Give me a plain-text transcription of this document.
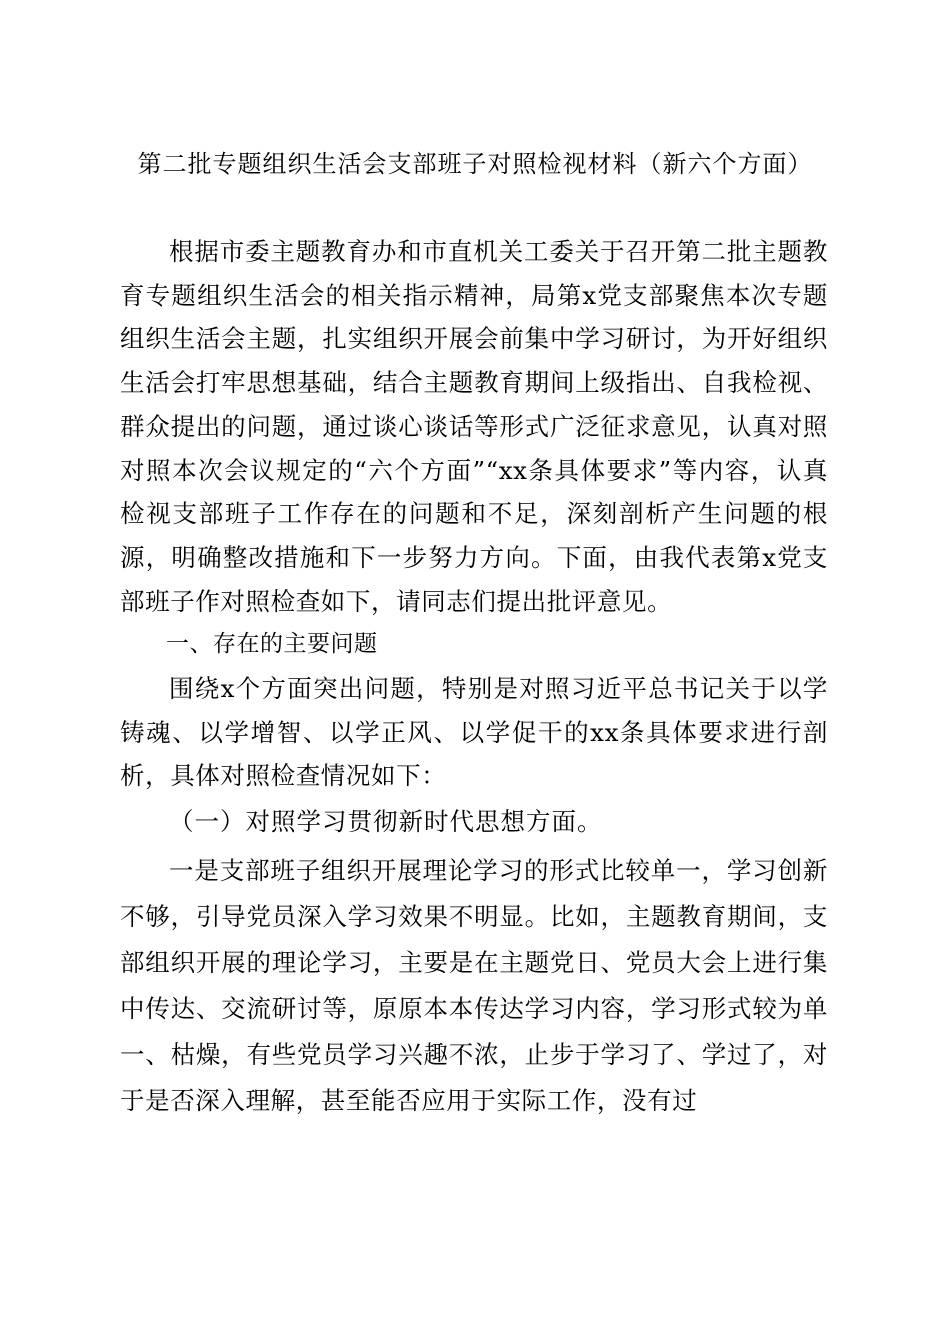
第二批专题组织生活会支部班子对照检视材料（新六个方面）

根据市委主题教育办和市直机关工委关于召开第二批主题教育专题组织生活会的相关指示精神，局第x党支部聚焦本次专题组织生活会主题，扎实组织开展会前集中学习研讨，为开好组织生活会打牢思想基础，结合主题教育期间上级指出、自我检视、群众提出的问题，通过谈心谈话等形式广泛征求意见，认真对照对照本次会议规定的“六个方面”“xx条具体要求”等内容，认真检视支部班子工作存在的问题和不足，深刻剖析产生问题的根源，明确整改措施和下一步努力方向。下面，由我代表第x党支部班子作对照检查如下，请同志们提出批评意见。

一、存在的主要问题

围绕x个方面突出问题，特别是对照习近平总书记关于以学铸魂、以学增智、以学正风、以学促干的xx条具体要求进行剖析，具体对照检查情况如下：

（一）对照学习贯彻新时代思想方面。

一是支部班子组织开展理论学习的形式比较单一，学习创新不够，引导党员深入学习效果不明显。比如，主题教育期间，支部组织开展的理论学习，主要是在主题党日、党员大会上进行集中传达、交流研讨等，原原本本传达学习内容，学习形式较为单一、枯燥，有些党员学习兴趣不浓，止步于学习了、学过了，对于是否深入理解，甚至能否应用于实际工作，没有过
